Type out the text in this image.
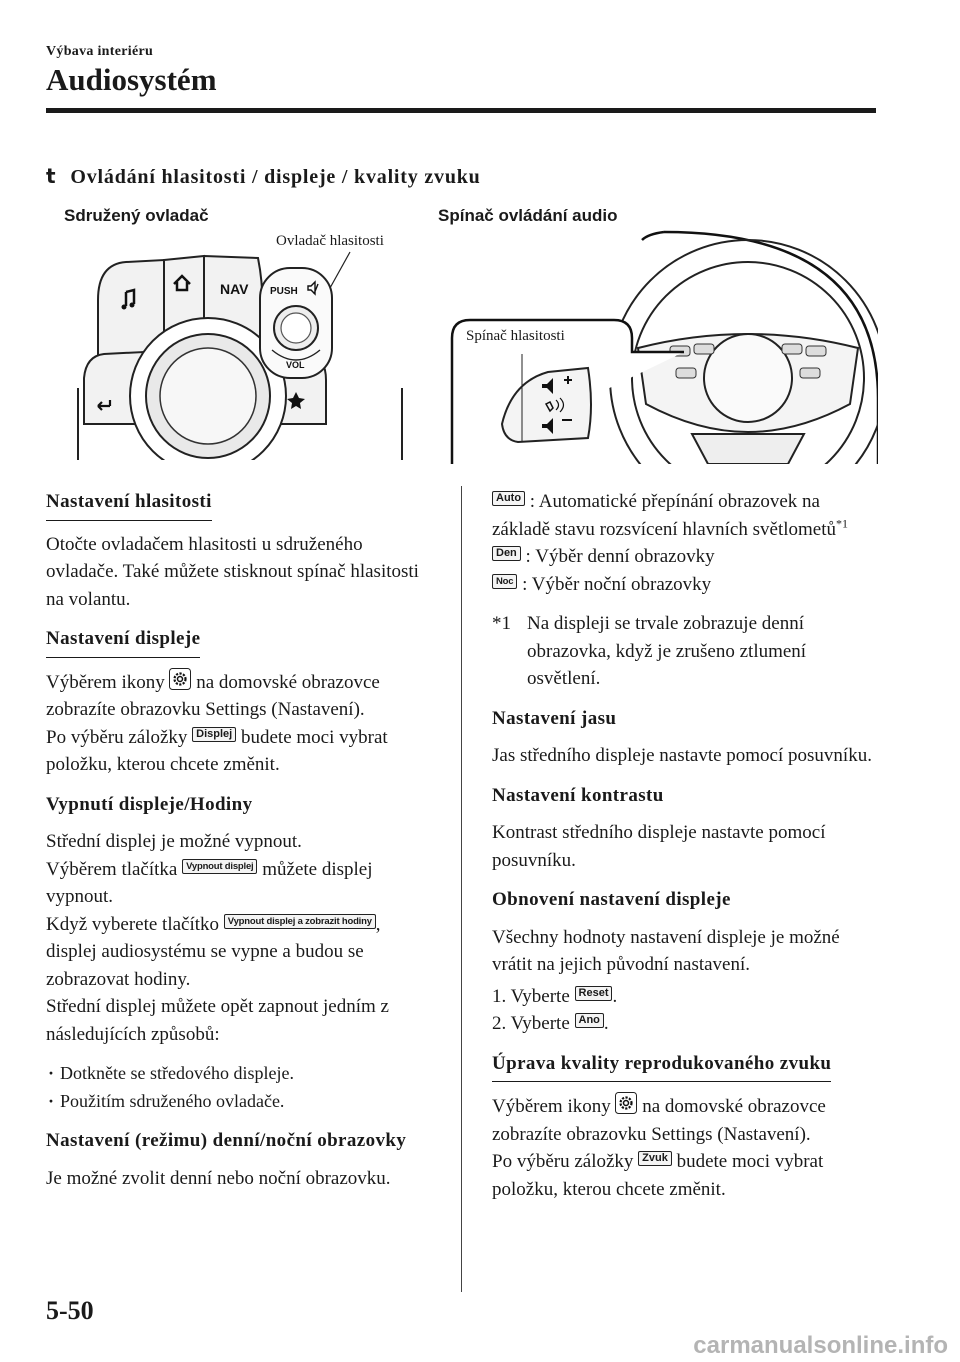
Výbava interiéru
Audiosystém
t Ovládání hlasitosti / displeje / kvality zvuku
Sdružený ovladač
Ovladač hlasitosti
NAV PUSH
VOL
Spínač ovládání audio
Spínač hlasitosti
Nastavení hlasitosti
Otočte ovladačem hlasitosti u sdruženého ovladače. Také můžete stisknout spínač hlasitosti na volantu.
Nastavení displeje
Výběrem ikony na domovské obrazovce zobrazíte obrazovku Settings (Nastavení).
Po výběru záložky Displej budete moci vybrat položku, kterou chcete změnit.
Vypnutí displeje/Hodiny
Střední displej je možné vypnout.
Výběrem tlačítka Vypnout displej můžete displej vypnout.
Když vyberete tlačítko Vypnout displej a zobrazit hodiny ,
displej audiosystému se vypne a budou se zobrazovat hodiny.
Střední displej můžete opět zapnout jedním z následujících způsobů:
· Dotkněte se středového displeje.
· Použitím sdruženého ovladače.
Nastavení (režimu) denní/noční obrazovky
Je možné zvolit denní nebo noční obrazovku.
Auto : Automatické přepínání obrazovek na základě stavu rozsvícení hlavních světlometů$^{*1}$
Den : Výběr denní obrazovky
Noc : Výběr noční obrazovky
*1 Na displeji se trvale zobrazuje denní obrazovka, když je zrušeno ztlumení osvětlení.
Nastavení jasu
Jas středního displeje nastavte pomocí posuvníku.
Nastavení kontrastu
Kontrast středního displeje nastavte pomocí posuvníku.
Obnovení nastavení displeje
Všechny hodnoty nastavení displeje je možné vrátit na jejich původní nastavení.
1. Vyberte Reset .
2. Vyberte Ano .
Úprava kvality reprodukovaného zvuku
Výběrem ikony na domovské obrazovce zobrazíte obrazovku Settings (Nastavení).
Po výběru záložky Zvuk budete moci vybrat položku, kterou chcete změnit.
5-50
carmanualsonline.info
